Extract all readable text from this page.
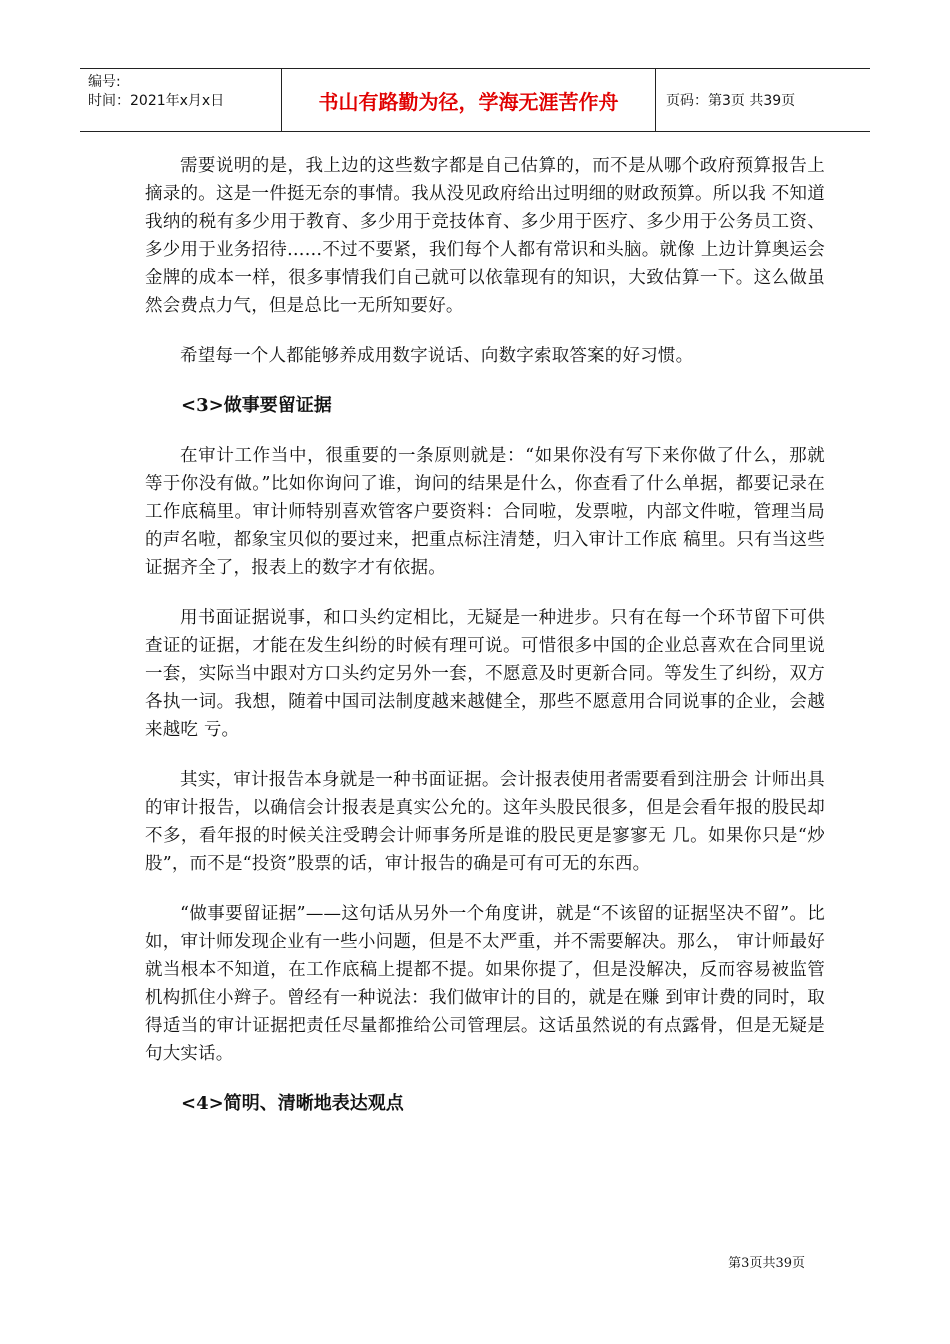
编号:
时间：2021年x月x日	书山有路勤为径，学海无涯苦作舟	页码：第3页 共39页

需要说明的是，我上边的这些数字都是自己估算的，而不是从哪个政府预算报告上摘录的。这是一件挺无奈的事情。我从没见政府给出过明细的财政预算。所以我 不知道我纳的税有多少用于教育、多少用于竞技体育、多少用于医疗、多少用于公务员工资、多少用于业务招待……不过不要紧，我们每个人都有常识和头脑。就像 上边计算奥运会金牌的成本一样，很多事情我们自己就可以依靠现有的知识，大致估算一下。这么做虽然会费点力气，但是总比一无所知要好。

希望每一个人都能够养成用数字说话、向数字索取答案的好习惯。

<3>做事要留证据

在审计工作当中，很重要的一条原则就是：“如果你没有写下来你做了什么，那就等于你没有做。”比如你询问了谁，询问的结果是什么，你查看了什么单据，都要记录在工作底稿里。审计师特别喜欢管客户要资料：合同啦，发票啦，内部文件啦，管理当局的声名啦，都象宝贝似的要过来，把重点标注清楚，归入审计工作底 稿里。只有当这些证据齐全了，报表上的数字才有依据。

用书面证据说事，和口头约定相比，无疑是一种进步。只有在每一个环节留下可供查证的证据，才能在发生纠纷的时候有理可说。可惜很多中国的企业总喜欢在合同里说一套，实际当中跟对方口头约定另外一套，不愿意及时更新合同。等发生了纠纷，双方各执一词。我想，随着中国司法制度越来越健全，那些不愿意用合同说事的企业，会越来越吃 亏。

其实，审计报告本身就是一种书面证据。会计报表使用者需要看到注册会 计师出具的审计报告，以确信会计报表是真实公允的。这年头股民很多，但是会看年报的股民却不多，看年报的时候关注受聘会计师事务所是谁的股民更是寥寥无 几。如果你只是“炒股”，而不是“投资”股票的话，审计报告的确是可有可无的东西。

“做事要留证据”——这句话从另外一个角度讲，就是“不该留的证据坚决不留”。比如，审计师发现企业有一些小问题，但是不太严重，并不需要解决。那么， 审计师最好就当根本不知道，在工作底稿上提都不提。如果你提了，但是没解决，反而容易被监管机构抓住小辫子。曾经有一种说法：我们做审计的目的，就是在赚 到审计费的同时，取得适当的审计证据把责任尽量都推给公司管理层。这话虽然说的有点露骨，但是无疑是句大实话。

<4>简明、清晰地表达观点
第3页共39页
